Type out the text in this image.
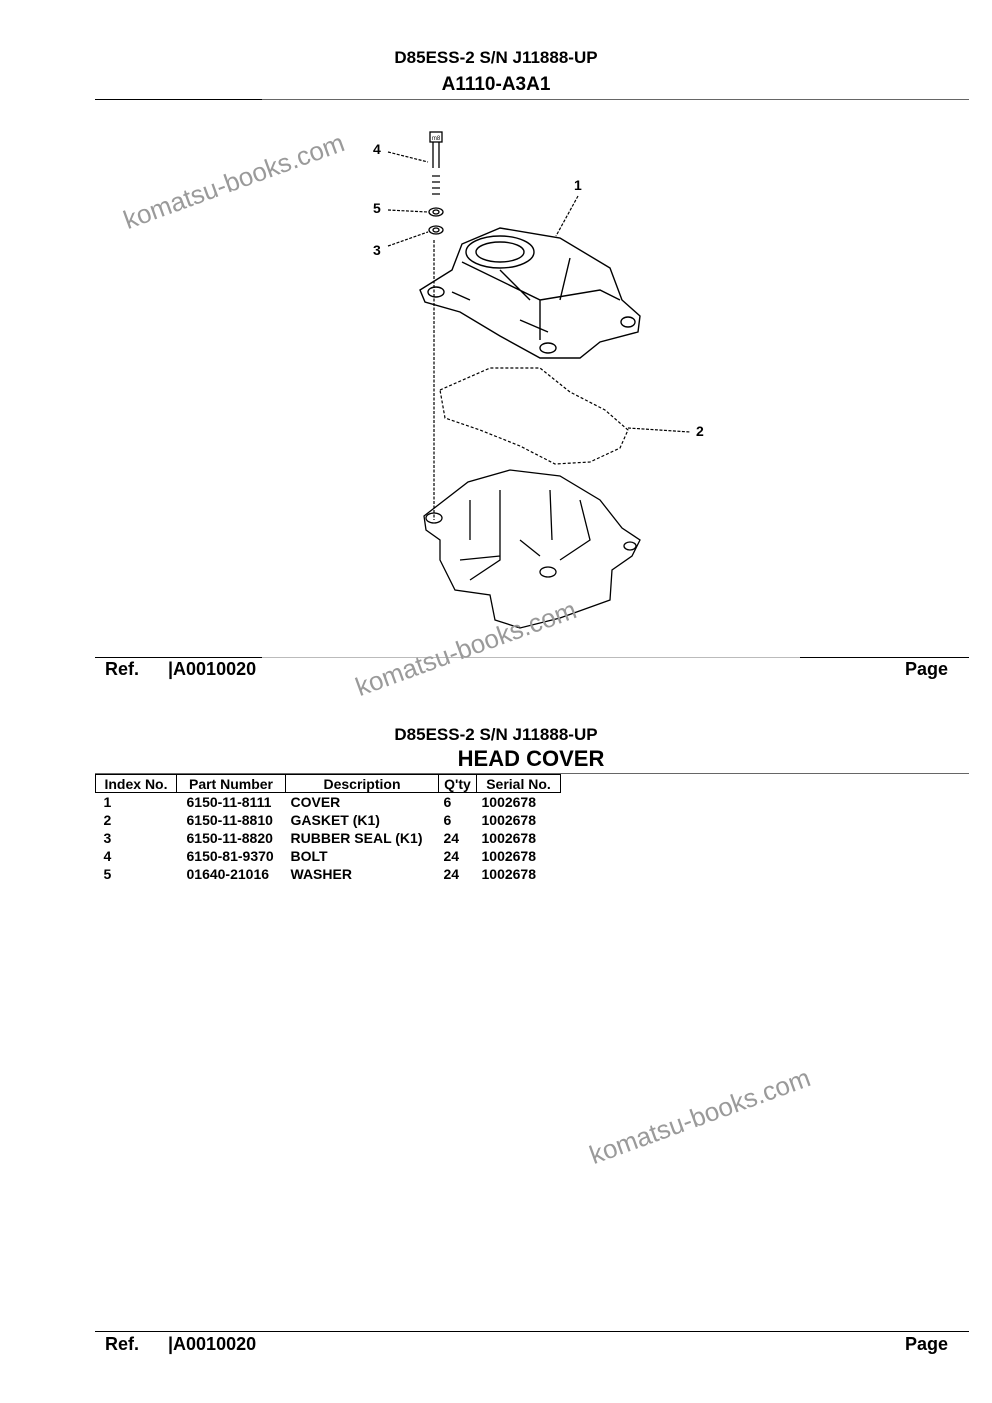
D85ESS-2 S/N J11888-UP
A1110-A3A1
m8
4
5
3
1
2
Ref. |A0010020	Page
D85ESS-2 S/N J11888-UP
HEAD COVER
Index No.	Part Number	Description	Q'ty	Serial No.
1	6150-11-8111	COVER	6	1002678
2	6150-11-8810	GASKET (K1)	6	1002678
3	6150-11-8820	RUBBER SEAL (K1)	24	1002678
4	6150-81-9370	BOLT	24	1002678
5	01640-21016	WASHER	24	1002678
Ref. |A0010020	Page
komatsu-books.com
komatsu-books.com
komatsu-books.com
